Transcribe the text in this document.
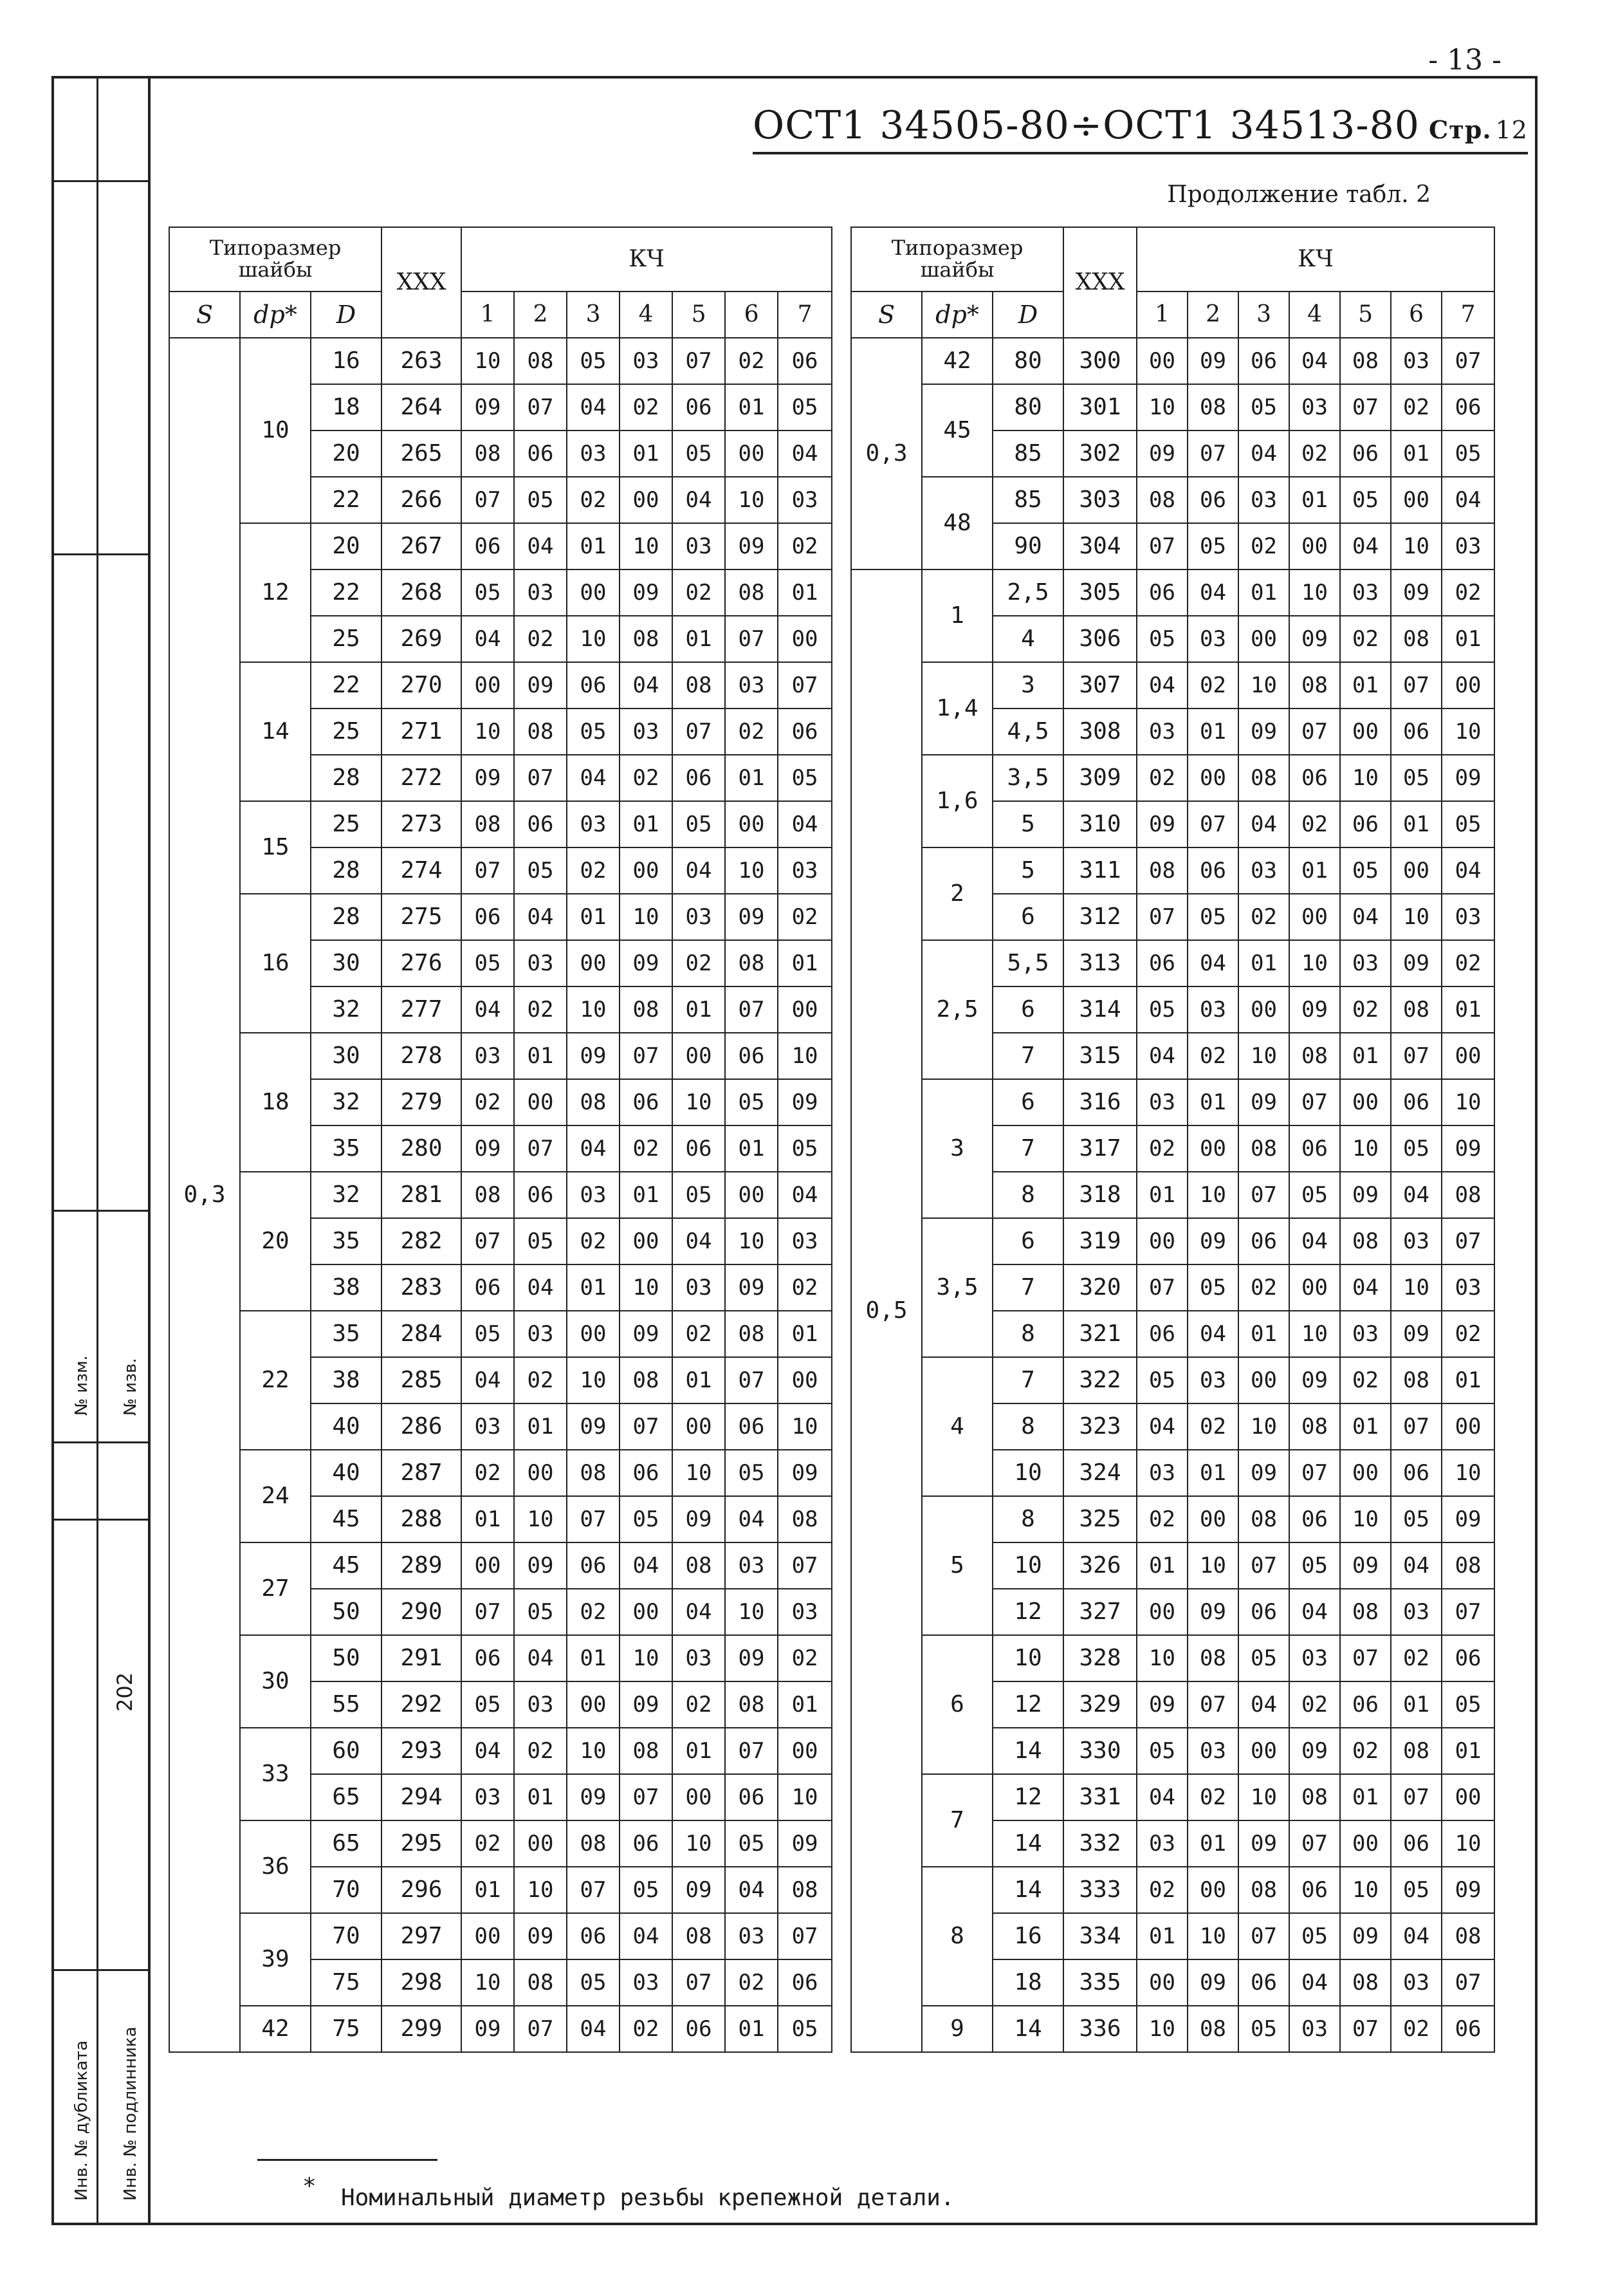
- 13 -
№ изм. № изв.
Инв. № дубликата Инв. № подлинника
202
ОСТ1 34505-80÷ОСТ1 34513-80 Стр. 12
Продолжение табл. 2
Типоразмер шайбы			XXX	КЧ						
S	dp*	D		1	2	3	4	5	6	7
0,3	10	16	263	10	08	05	03	07	02	06
		18	264	09	07	04	02	06	01	05
		20	265	08	06	03	01	05	00	04
		22	266	07	05	02	00	04	10	03
	12	20	267	06	04	01	10	03	09	02
		22	268	05	03	00	09	02	08	01
		25	269	04	02	10	08	01	07	00
	14	22	270	00	09	06	04	08	03	07
		25	271	10	08	05	03	07	02	06
		28	272	09	07	04	02	06	01	05
	15	25	273	08	06	03	01	05	00	04
		28	274	07	05	02	00	04	10	03
	16	28	275	06	04	01	10	03	09	02
		30	276	05	03	00	09	02	08	01
		32	277	04	02	10	08	01	07	00
	18	30	278	03	01	09	07	00	06	10
		32	279	02	00	08	06	10	05	09
		35	280	09	07	04	02	06	01	05
	20	32	281	08	06	03	01	05	00	04
		35	282	07	05	02	00	04	10	03
		38	283	06	04	01	10	03	09	02
	22	35	284	05	03	00	09	02	08	01
		38	285	04	02	10	08	01	07	00
		40	286	03	01	09	07	00	06	10
	24	40	287	02	00	08	06	10	05	09
		45	288	01	10	07	05	09	04	08
	27	45	289	00	09	06	04	08	03	07
		50	290	07	05	02	00	04	10	03
	30	50	291	06	04	01	10	03	09	02
		55	292	05	03	00	09	02	08	01
	33	60	293	04	02	10	08	01	07	00
		65	294	03	01	09	07	00	06	10
	36	65	295	02	00	08	06	10	05	09
		70	296	01	10	07	05	09	04	08
	39	70	297	00	09	06	04	08	03	07
		75	298	10	08	05	03	07	02	06
	42	75	299	09	07	04	02	06	01	05
Типоразмер шайбы			XXX	КЧ						
S	dp*	D		1	2	3	4	5	6	7
0,3	42	80	300	00	09	06	04	08	03	07
	45	80	301	10	08	05	03	07	02	06
		85	302	09	07	04	02	06	01	05
	48	85	303	08	06	03	01	05	00	04
		90	304	07	05	02	00	04	10	03
0,5	1	2,5	305	06	04	01	10	03	09	02
		4	306	05	03	00	09	02	08	01
	1,4	3	307	04	02	10	08	01	07	00
		4,5	308	03	01	09	07	00	06	10
	1,6	3,5	309	02	00	08	06	10	05	09
		5	310	09	07	04	02	06	01	05
	2	5	311	08	06	03	01	05	00	04
		6	312	07	05	02	00	04	10	03
	2,5	5,5	313	06	04	01	10	03	09	02
		6	314	05	03	00	09	02	08	01
		7	315	04	02	10	08	01	07	00
	3	6	316	03	01	09	07	00	06	10
		7	317	02	00	08	06	10	05	09
		8	318	01	10	07	05	09	04	08
	3,5	6	319	00	09	06	04	08	03	07
		7	320	07	05	02	00	04	10	03
		8	321	06	04	01	10	03	09	02
	4	7	322	05	03	00	09	02	08	01
		8	323	04	02	10	08	01	07	00
		10	324	03	01	09	07	00	06	10
	5	8	325	02	00	08	06	10	05	09
		10	326	01	10	07	05	09	04	08
		12	327	00	09	06	04	08	03	07
	6	10	328	10	08	05	03	07	02	06
		12	329	09	07	04	02	06	01	05
		14	330	05	03	00	09	02	08	01
	7	12	331	04	02	10	08	01	07	00
		14	332	03	01	09	07	00	06	10
	8	14	333	02	00	08	06	10	05	09
		16	334	01	10	07	05	09	04	08
		18	335	00	09	06	04	08	03	07
	9	14	336	10	08	05	03	07	02	06
* Номинальный диаметр резьбы крепежной детали.
